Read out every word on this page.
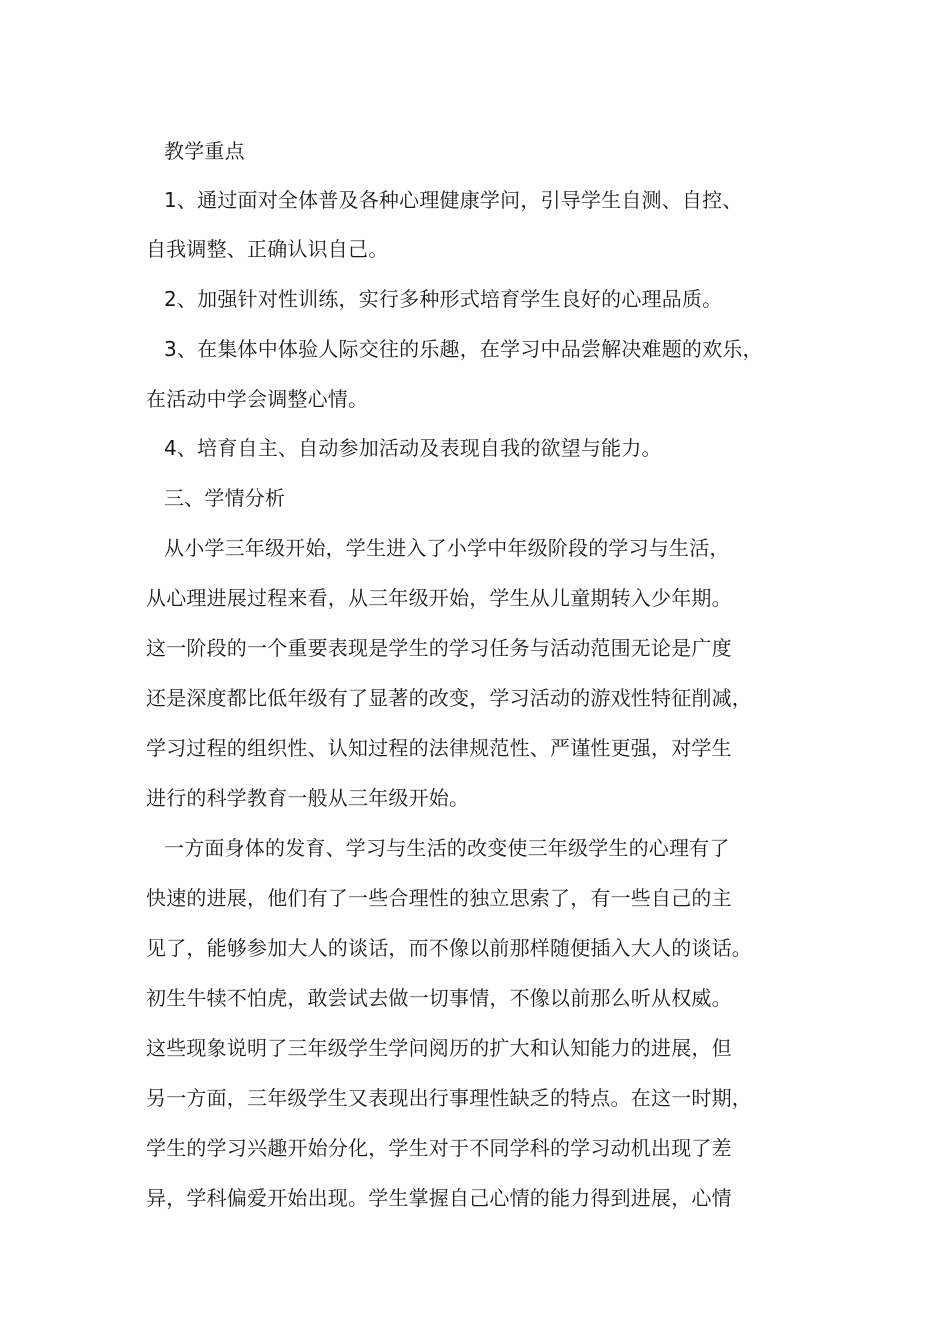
教学重点
1、通过面对全体普及各种心理健康学问，引导学生自测、自控、
自我调整、正确认识自己。
2、加强针对性训练，实行多种形式培育学生良好的心理品质。
3、在集体中体验人际交往的乐趣，在学习中品尝解决难题的欢乐，
在活动中学会调整心情。
4、培育自主、自动参加活动及表现自我的欲望与能力。
三、学情分析
从小学三年级开始，学生进入了小学中年级阶段的学习与生活，
从心理进展过程来看，从三年级开始，学生从儿童期转入少年期。
这一阶段的一个重要表现是学生的学习任务与活动范围无论是广度
还是深度都比低年级有了显著的改变，学习活动的游戏性特征削减，
学习过程的组织性、认知过程的法律规范性、严谨性更强，对学生
进行的科学教育一般从三年级开始。
一方面身体的发育、学习与生活的改变使三年级学生的心理有了
快速的进展，他们有了一些合理性的独立思索了，有一些自己的主
见了，能够参加大人的谈话，而不像以前那样随便插入大人的谈话。
初生牛犊不怕虎，敢尝试去做一切事情，不像以前那么听从权威。
这些现象说明了三年级学生学问阅历的扩大和认知能力的进展，但
另一方面，三年级学生又表现出行事理性缺乏的特点。在这一时期，
学生的学习兴趣开始分化，学生对于不同学科的学习动机出现了差
异，学科偏爱开始出现。学生掌握自己心情的能力得到进展，心情
